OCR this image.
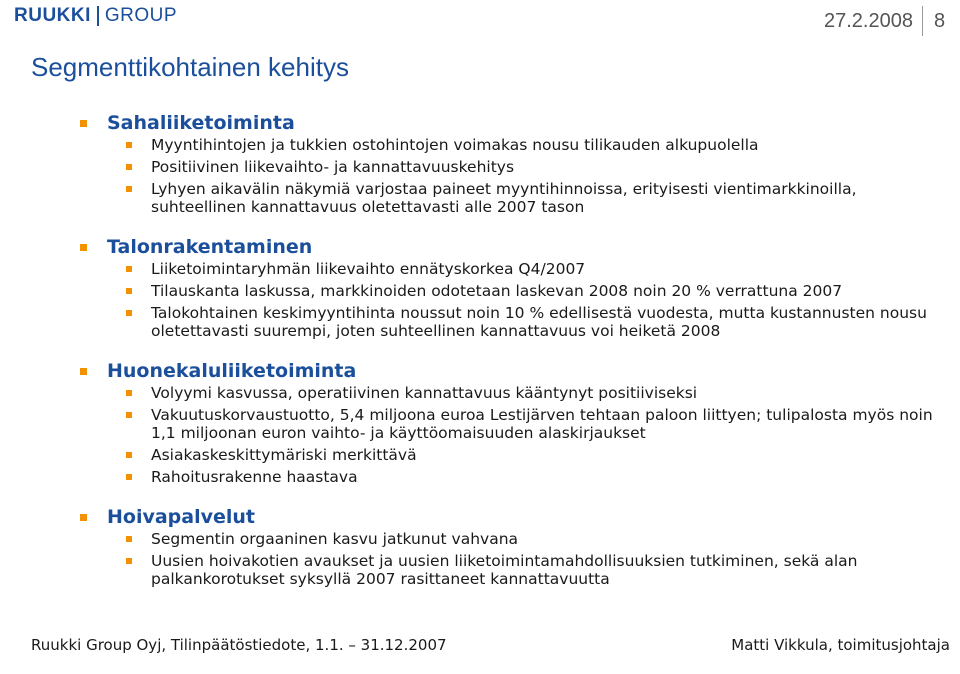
RUUKKI GROUP	27.2.2008 8
Segmenttikohtainen kehitys
Sahaliiketoiminta
Myyntihintojen ja tukkien ostohintojen voimakas nousu tilikauden alkupuolella
Positiivinen liikevaihto- ja kannattavuuskehitys
Lyhyen aikavälin näkymiä varjostaa paineet myyntihinnoissa, erityisesti vientimarkkinoilla, suhteellinen kannattavuus oletettavasti alle 2007 tason
Talonrakentaminen
Liiketoimintaryhmän liikevaihto ennätyskorkea Q4/2007
Tilauskanta laskussa, markkinoiden odotetaan laskevan 2008 noin 20 % verrattuna 2007
Talokohtainen keskimyyntihinta noussut noin 10 % edellisestä vuodesta, mutta kustannusten nousu oletettavasti suurempi, joten suhteellinen kannattavuus voi heiketä 2008
Huonekaluliiketoiminta
Volyymi kasvussa, operatiivinen kannattavuus kääntynyt positiiviseksi
Vakuutuskorvaustuotto, 5,4 miljoona euroa Lestijärven tehtaan paloon liittyen; tulipalosta myös noin 1,1 miljoonan euron vaihto- ja käyttöomaisuuden alaskirjaukset
Asiakaskeskittymäriski merkittävä
Rahoitusrakenne haastava
Hoivapalvelut
Segmentin orgaaninen kasvu jatkunut vahvana
Uusien hoivakotien avaukset ja uusien liiketoimintamahdollisuuksien tutkiminen, sekä alan palkankorotukset syksyllä 2007 rasittaneet kannattavuutta
Ruukki Group Oyj, Tilinpäätöstiedote, 1.1. – 31.12.2007	Matti Vikkula, toimitusjohtaja
